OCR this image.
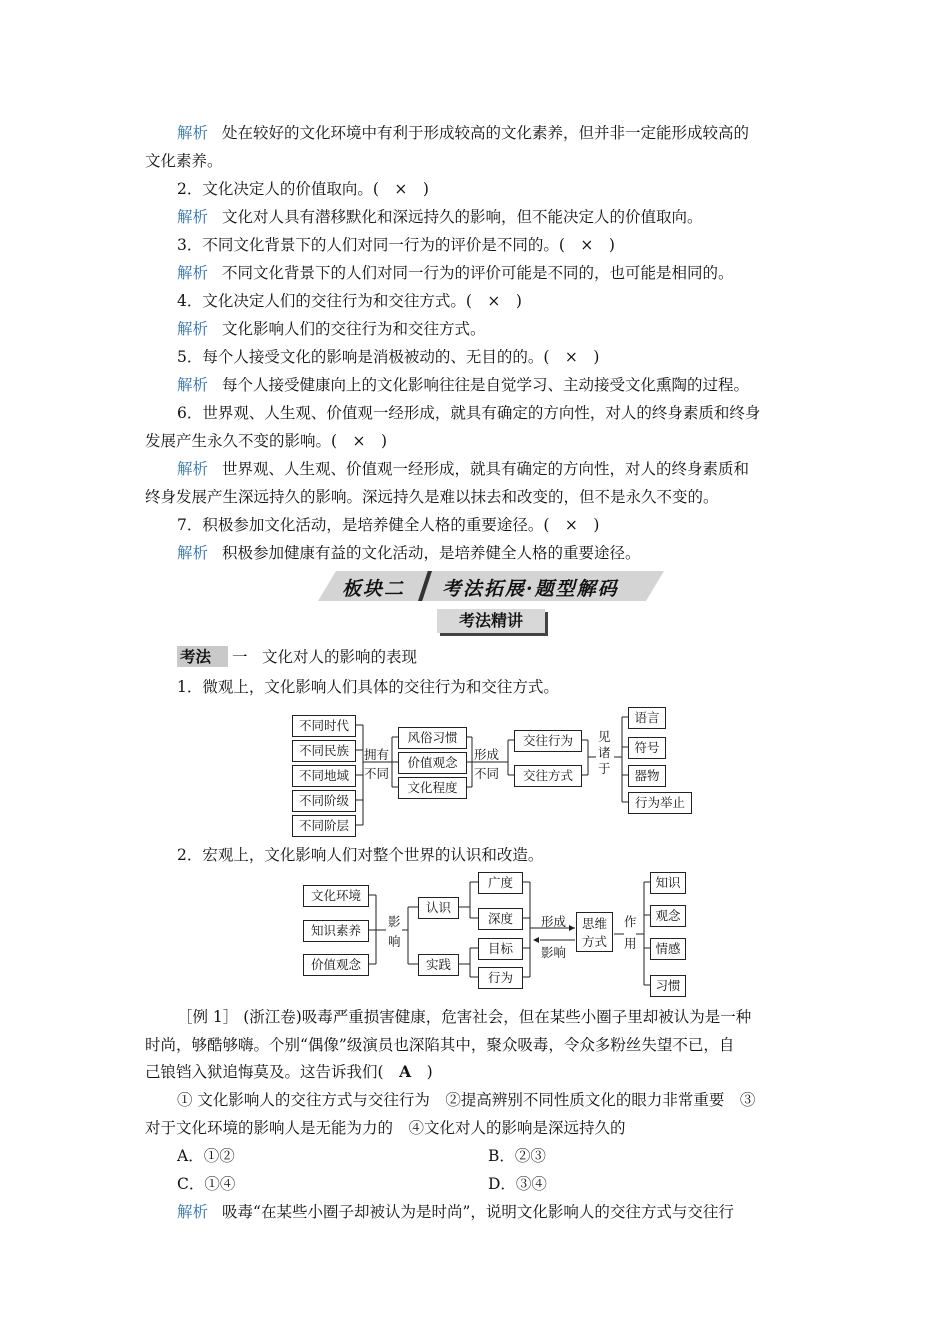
解析 处在较好的文化环境中有利于形成较高的文化素养，但并非一定能形成较高的
文化素养。
2．文化决定人的价值取向。(　×　)
解析 文化对人具有潜移默化和深远持久的影响，但不能决定人的价值取向。
3．不同文化背景下的人们对同一行为的评价是不同的。(　×　)
解析 不同文化背景下的人们对同一行为的评价可能是不同的，也可能是相同的。
4．文化决定人们的交往行为和交往方式。(　×　)
解析 文化影响人们的交往行为和交往方式。
5．每个人接受文化的影响是消极被动的、无目的的。(　×　)
解析 每个人接受健康向上的文化影响往往是自觉学习、主动接受文化熏陶的过程。
6．世界观、人生观、价值观一经形成，就具有确定的方向性，对人的终身素质和终身
发展产生永久不变的影响。(　×　)
解析 世界观、人生观、价值观一经形成，就具有确定的方向性，对人的终身素质和
终身发展产生深远持久的影响。深远持久是难以抹去和改变的，但不是永久不变的。
7．积极参加文化活动，是培养健全人格的重要途径。(　×　)
解析 积极参加健康有益的文化活动，是培养健全人格的重要途径。
板块二 考法拓展·题型解码
考法精讲
考法	一 文化对人的影响的表现
1．微观上，文化影响人们具体的交往行为和交往方式。
不同时代
不同民族
不同地域
不同阶级
不同阶层
拥有
不同
风俗习惯
价值观念
文化程度
形成
不同
交往行为
交往方式
见
诸
于
语言
符号
器物
行为举止
2．宏观上，文化影响人们对整个世界的认识和改造。
文化环境
知识素养
价值观念
影
响
认识
实践
广度
深度
目标
行为
形成
影响
思维
方式
作
用
知识
观念
情感
习惯
［例 1］ (浙江卷)吸毒严重损害健康，危害社会，但在某些小圈子里却被认为是一种
时尚，够酷够嗨。个别“偶像”级演员也深陷其中，聚众吸毒，令众多粉丝失望不已，自
己锒铛入狱追悔莫及。这告诉我们(　A　)
① 文化影响人的交往方式与交往行为　②提高辨别不同性质文化的眼力非常重要　③
对于文化环境的影响人是无能为力的　④文化对人的影响是深远持久的
A．①②	B．②③
C．①④	D．③④
解析 吸毒“在某些小圈子却被认为是时尚”，说明文化影响人的交往方式与交往行
